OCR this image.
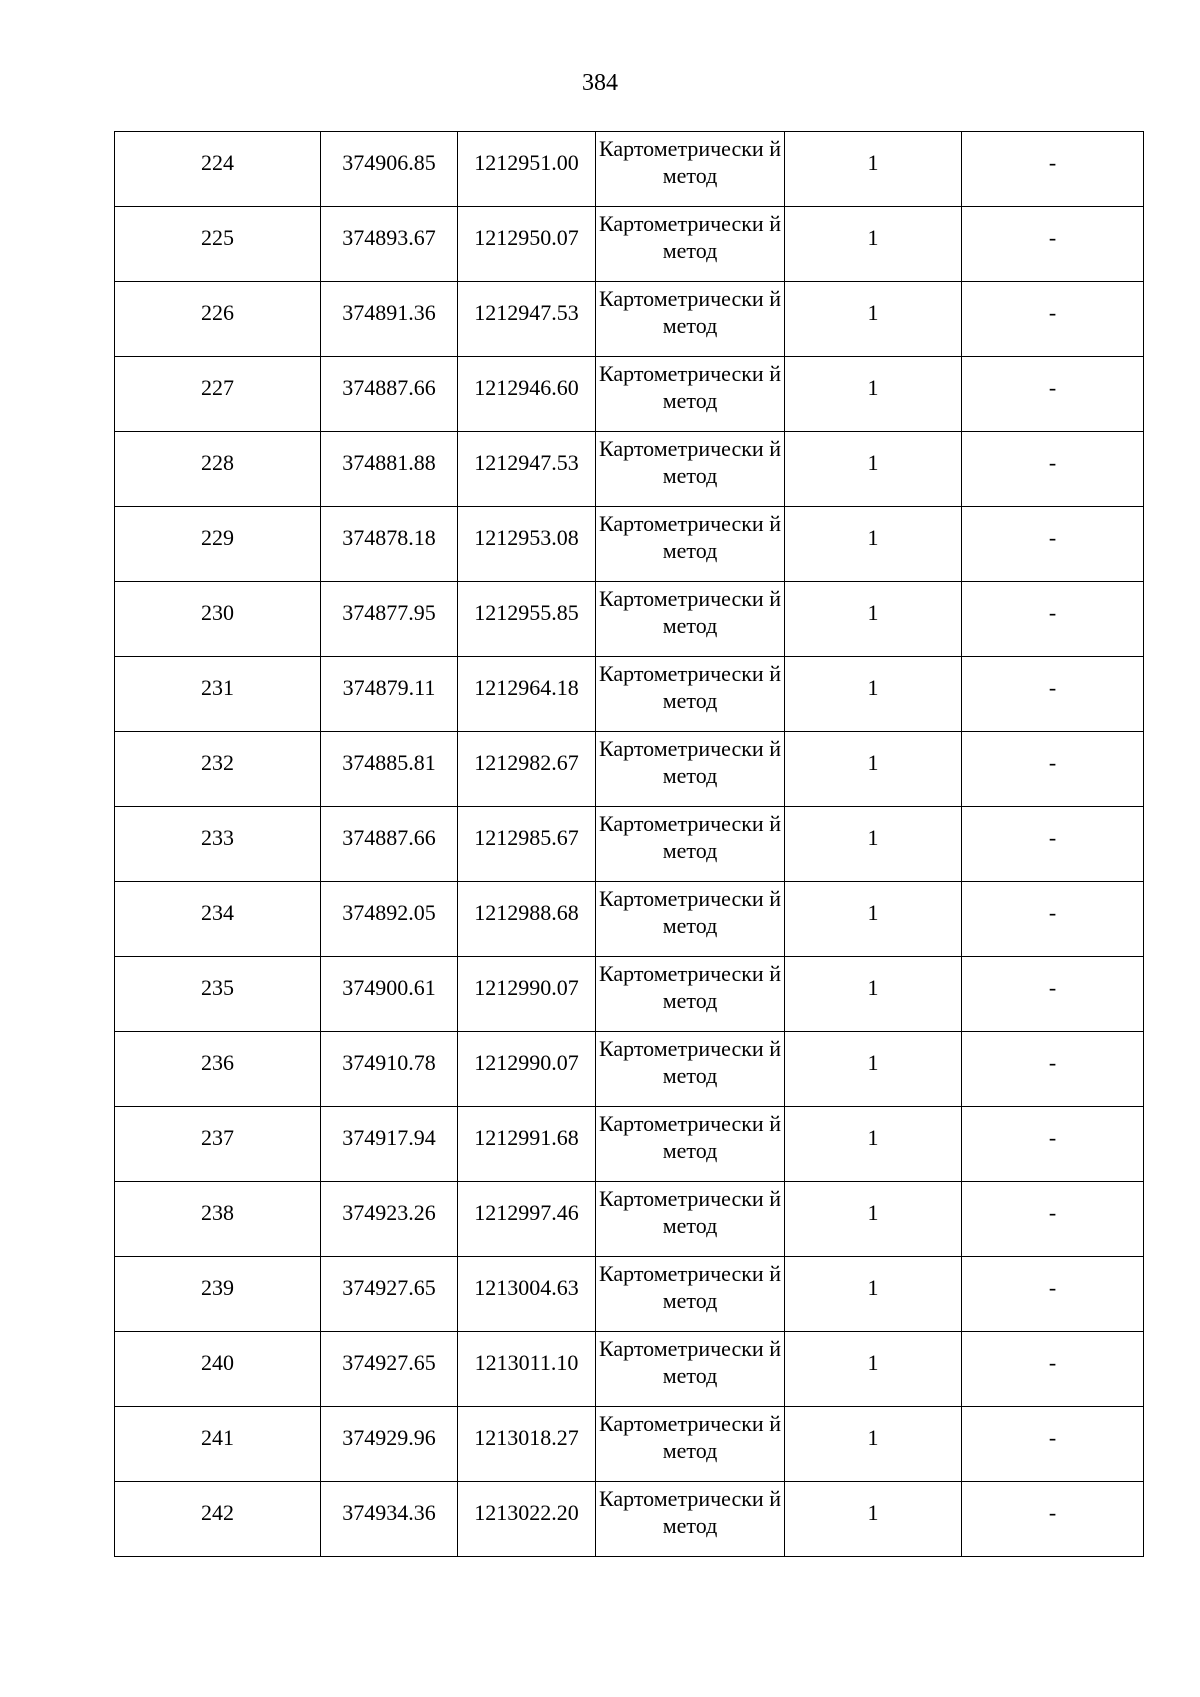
384
224	374906.85	1212951.00	Картометрически й метод	1	-

225	374893.67	1212950.07	Картометрически й метод	1	-

226	374891.36	1212947.53	Картометрически й метод	1	-

227	374887.66	1212946.60	Картометрически й метод	1	-

228	374881.88	1212947.53	Картометрически й метод	1	-

229	374878.18	1212953.08	Картометрически й метод	1	-

230	374877.95	1212955.85	Картометрически й метод	1	-

231	374879.11	1212964.18	Картометрически й метод	1	-

232	374885.81	1212982.67	Картометрически й метод	1	-

233	374887.66	1212985.67	Картометрически й метод	1	-

234	374892.05	1212988.68	Картометрически й метод	1	-

235	374900.61	1212990.07	Картометрически й метод	1	-

236	374910.78	1212990.07	Картометрически й метод	1	-

237	374917.94	1212991.68	Картометрически й метод	1	-

238	374923.26	1212997.46	Картометрически й метод	1	-

239	374927.65	1213004.63	Картометрически й метод	1	-

240	374927.65	1213011.10	Картометрически й метод	1	-

241	374929.96	1213018.27	Картометрически й метод	1	-

242	374934.36	1213022.20	Картометрически й метод	1	-
